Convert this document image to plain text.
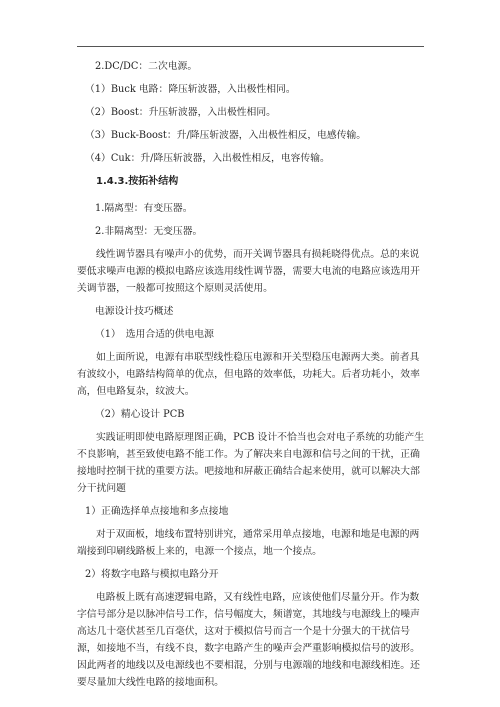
2.DC/DC：二次电源。

（1）Buck 电路：降压斩波器，入出极性相同。

（2）Boost：升压斩波器，入出极性相同。

（3）Buck-Boost：升/降压斩波器，入出极性相反，电感传输。

（4）Cuk：升/降压斩波器，入出极性相反，电容传输。

1.4.3.按拓补结构

1.隔离型：有变压器。

2.非隔离型：无变压器。

线性调节器具有噪声小的优势，而开关调节器具有损耗晓得优点。总的来说要低求噪声电源的模拟电路应该选用线性调节器，需要大电流的电路应该选用开关调节器，一般都可按照这个原则灵活使用。

电源设计技巧概述

（1）　选用合适的供电电源

如上面所说，电源有串联型线性稳压电源和开关型稳压电源两大类。前者具有波纹小，电路结构简单的优点，但电路的效率低，功耗大。后者功耗小，效率高，但电路复杂，纹波大。

（2）精心设计 PCB

实践证明即使电路原理图正确，PCB 设计不恰当也会对电子系统的功能产生不良影响，甚至致使电路不能工作。为了解决来自电源和信号之间的干扰，正确接地时控制干扰的重要方法。吧接地和屏蔽正确结合起来使用，就可以解决大部分干扰问题

1）正确选择单点接地和多点接地

对于双面板，地线布置特别讲究，通常采用单点接地，电源和地是电源的两端接到印刷线路板上来的，电源一个接点，地一个接点。

2）将数字电路与模拟电路分开

电路板上既有高速逻辑电路，又有线性电路，应该使他们尽量分开。作为数字信号部分是以脉冲信号工作，信号幅度大，频谱宽，其地线与电源线上的噪声高达几十毫伏甚至几百毫伏，这对于模拟信号而言一个是十分强大的干扰信号源，如接地不当，有线不良，数字电路产生的噪声会严重影响模拟信号的波形。因此两者的地线以及电源线也不要相混，分别与电源端的地线和电源线相连。还要尽量加大线性电路的接地面积。
